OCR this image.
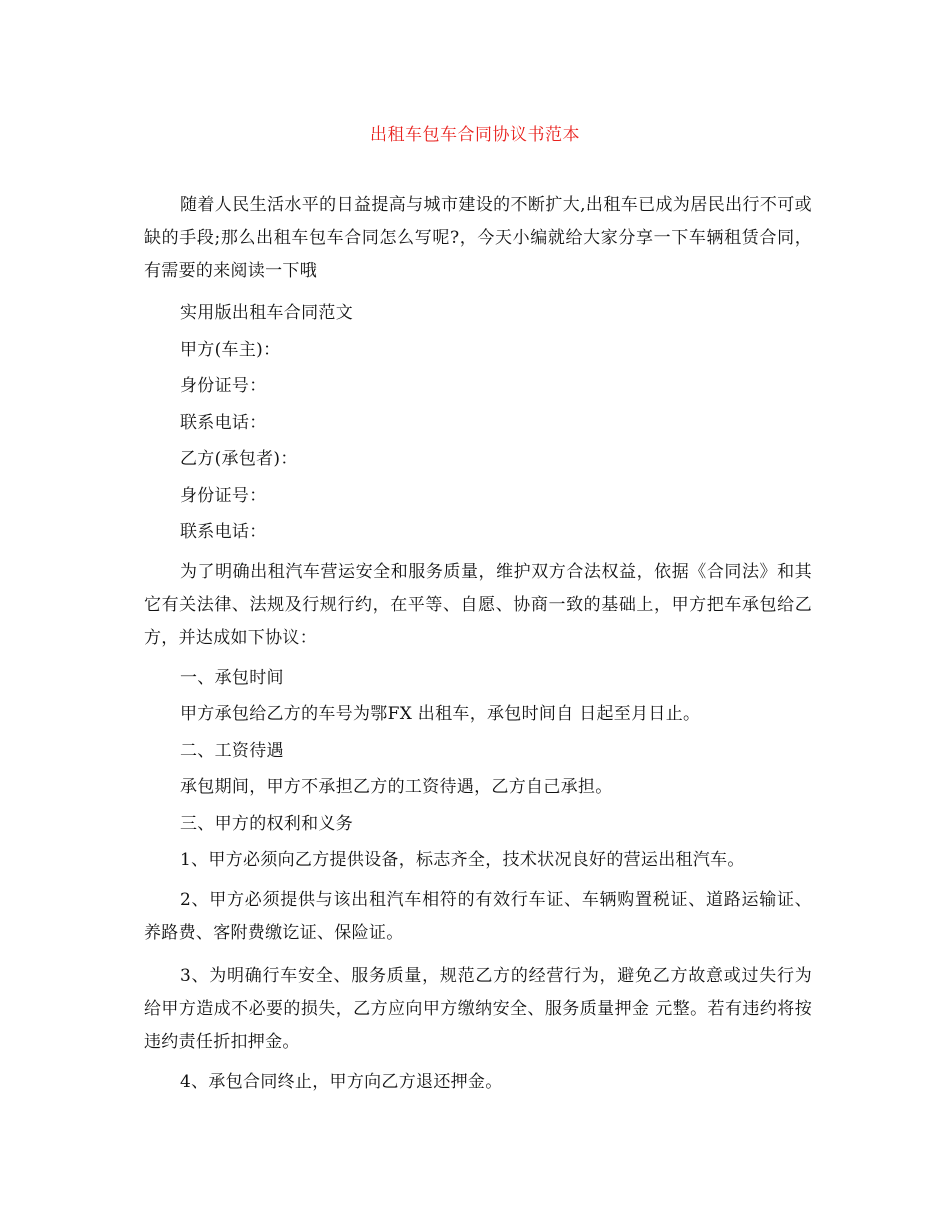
出租车包车合同协议书范本

随着人民生活水平的日益提高与城市建设的不断扩大,出租车已成为居民出行不可或缺的手段;那么出租车包车合同怎么写呢?，今天小编就给大家分享一下车辆租赁合同，有需要的来阅读一下哦

实用版出租车合同范文

甲方(车主)：

身份证号：

联系电话：

乙方(承包者)：

身份证号：

联系电话：

为了明确出租汽车营运安全和服务质量，维护双方合法权益，依据《合同法》和其它有关法律、法规及行规行约，在平等、自愿、协商一致的基础上，甲方把车承包给乙方，并达成如下协议：

一、承包时间

甲方承包给乙方的车号为鄂FX 出租车，承包时间自 日起至月日止。

二、工资待遇

承包期间，甲方不承担乙方的工资待遇，乙方自己承担。

三、甲方的权利和义务

1、甲方必须向乙方提供设备，标志齐全，技术状况良好的营运出租汽车。

2、甲方必须提供与该出租汽车相符的有效行车证、车辆购置税证、道路运输证、养路费、客附费缴讫证、保险证。

3、为明确行车安全、服务质量，规范乙方的经营行为，避免乙方故意或过失行为给甲方造成不必要的损失，乙方应向甲方缴纳安全、服务质量押金 元整。若有违约将按违约责任折扣押金。

4、承包合同终止，甲方向乙方退还押金。
